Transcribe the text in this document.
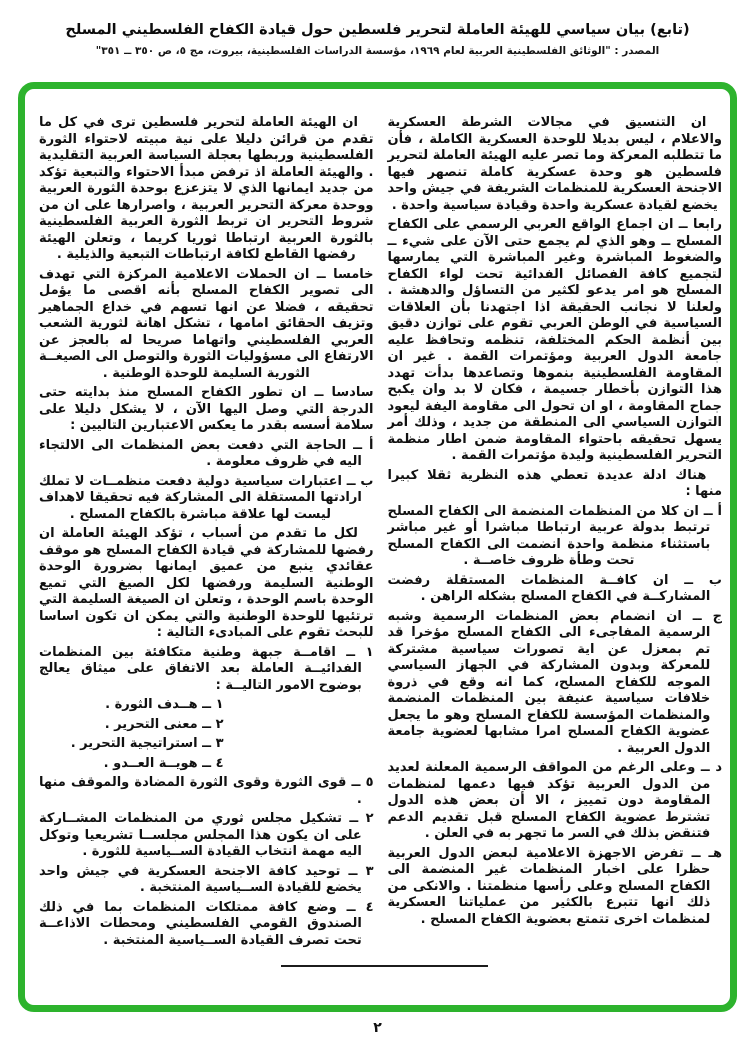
(تابع) بيان سياسي للهيئة العاملة لتحرير فلسطين حول قيادة الكفاح الفلسطيني المسلح
المصدر : "الوثائق الفلسطينية العربية لعام ١٩٦٩، مؤسسة الدراسات الفلسطينية، بيروت، مج ٥، ص ٣٥٠ ــ ٣٥١"

ان التنسيق في مجالات الشرطة العسكرية والاعلام ، ليس بديلا للوحدة العسكرية الكاملة ، فأن ما تتطلبه المعركة وما تصر عليه الهيئة العاملة لتحرير فلسطين هو وحدة عسكرية كاملة تنصهر فيها الاجنحة العسكرية للمنظمات الشريفة في جيش واحد يخضع لقيادة عسكرية واحدة وقيادة سياسية واحدة .

رابعا ــ ان اجماع الواقع العربي الرسمي على الكفاح المسلح ــ وهو الذي لم يجمع حتى الآن على شيء ــ والضغوط المباشرة وغير المباشرة التي يمارسها لتجميع كافة الفصائل الفدائية تحت لواء الكفاح المسلح هو امر يدعو لكثير من التساؤل والدهشة . ولعلنا لا نجانب الحقيقة اذا اجتهدنا بأن العلاقات السياسية في الوطن العربي تقوم على توازن دقيق بين أنظمة الحكم المختلفة، تنظمه وتحافظ عليه جامعة الدول العربية ومؤتمرات القمة . غير ان المقاومة الفلسطينية بنموها وتصاعدها بدأت تهدد هذا التوازن بأخطار جسيمة ، فكان لا بد وان يكبح جماح المقاومة ، او ان تحول الى مقاومة اليفة ليعود التوازن السياسي الى المنطقة من جديد ، وذلك أمر يسهل تحقيقه باحتواء المقاومة ضمن اطار منظمة التحرير الفلسطينية وليدة مؤتمرات القمة .

هناك ادلة عديدة تعطي هذه النظرية ثقلا كبيرا منها :

أ ــ ان كلا من المنظمات المنضمة الى الكفاح المسلح ترتبط بدولة عربية ارتباطا مباشرا أو غير مباشر باستثناء منظمة واحدة انضمت الى الكفاح المسلح تحت وطأة ظروف خاصــة .

ب ــ ان كافــة المنظمات المستقلة رفضت المشاركــة في الكفاح المسلح بشكله الراهن .

ج ــ ان انضمام بعض المنظمات الرسمية وشبه الرسمية المفاجىء الى الكفاح المسلح مؤخرا قد تم بمعزل عن اية تصورات سياسية مشتركة للمعركة وبدون المشاركة في الجهاز السياسي الموجه للكفاح المسلح، كما انه وقع في ذروة خلافات سياسية عنيفة بين المنظمات المنضمة والمنظمات المؤسسة للكفاح المسلح وهو ما يجعل عضوية الكفاح المسلح امرا مشابها لعضوية جامعة الدول العربية .

د ــ وعلى الرغم من المواقف الرسمية المعلنة لعديد من الدول العربية تؤكد فيها دعمها لمنظمات المقاومة دون تمييز ، الا أن بعض هذه الدول تشترط عضوية الكفاح المسلح قبل تقديم الدعم فتنقض بذلك في السر ما تجهر به في العلن .

هـ ــ تفرض الاجهزة الاعلامية لبعض الدول العربية حظرا على اخبار المنظمات غير المنضمة الى الكفاح المسلح وعلى رأسها منظمتنا . والانكى من ذلك انها تتبرع بالكثير من عملياتنا العسكرية لمنظمات اخرى تتمتع بعضوية الكفاح المسلح .

ان الهيئة العاملة لتحرير فلسطين ترى في كل ما تقدم من قرائن دليلا على نية مبيته لاحتواء الثورة الفلسطينية وربطها بعجلة السياسة العربية التقليدية . والهيئة العاملة اذ ترفض مبدأ الاحتواء والتبعية تؤكد من جديد ايمانها الذي لا يتزعزع بوحدة الثورة العربية ووحدة معركة التحرير العربية ، واصرارها على ان من شروط التحرير ان تربط الثورة العربية الفلسطينية بالثورة العربية ارتباطا ثوريا كريما ، وتعلن الهيئة رفضها القاطع لكافة ارتباطات التبعية والذيلية .

خامسا ــ ان الحملات الاعلامية المركزة التي تهدف الى تصوير الكفاح المسلح بأنه اقصى ما يؤمل تحقيقه ، فضلا عن انها تسهم في خداع الجماهير وتزيف الحقائق امامها ، تشكل اهانة لثورية الشعب العربي الفلسطيني واتهاما صريحا له بالعجز عن الارتفاع الى مسؤوليات الثورة والتوصل الى الصيغــة الثورية السليمة للوحدة الوطنية .

سادسا ــ ان تطور الكفاح المسلح منذ بدايته حتى الدرجة التي وصل اليها الآن ، لا يشكل دليلا على سلامة أسسه بقدر ما يعكس الاعتبارين التاليين :

أ ــ الحاجة التي دفعت بعض المنظمات الى الالتجاء اليه في ظروف معلومة .

ب ــ اعتبارات سياسية دولية دفعت منظمــات لا تملك ارادتها المستقلة الى المشاركة فيه تحقيقا لاهداف ليست لها علاقة مباشرة بالكفاح المسلح .

لكل ما تقدم من أسباب ، تؤكد الهيئة العاملة ان رفضها للمشاركة في قيادة الكفاح المسلح هو موقف عقائدي ينبع من عميق ايمانها بضرورة الوحدة الوطنية السليمة ورفضها لكل الصيغ التي تميع الوحدة باسم الوحدة ، وتعلن ان الصيغة السليمة التي ترتئيها للوحدة الوطنية والتي يمكن ان تكون اساسا للبحث تقوم على المبادىء التالية :

١ ــ اقامــة جبهة وطنية متكافئة بين المنظمات الفدائيــة العاملة بعد الاتفاق على ميثاق يعالج بوضوح الامور التاليــة :

١ ــ هــدف الثورة .

٢ ــ معنى التحرير .

٣ ــ استراتيجية التحرير .

٤ ــ هويــة العــدو .

٥ ــ قوى الثورة وقوى الثورة المضادة والموقف منها .

٢ ــ تشكيل مجلس ثوري من المنظمات المشــاركة على ان يكون هذا المجلس مجلســا تشريعيا وتوكل اليه مهمة انتخاب القيادة الســياسية للثورة .

٣ ــ توحيد كافة الاجنحة العسكرية في جيش واحد يخضع للقيادة الســياسية المنتخبة .

٤ ــ وضع كافة ممتلكات المنظمات بما في ذلك الصندوق القومي الفلسطيني ومحطات الاذاعــة تحت تصرف القيادة الســياسية المنتخبة .

٢
